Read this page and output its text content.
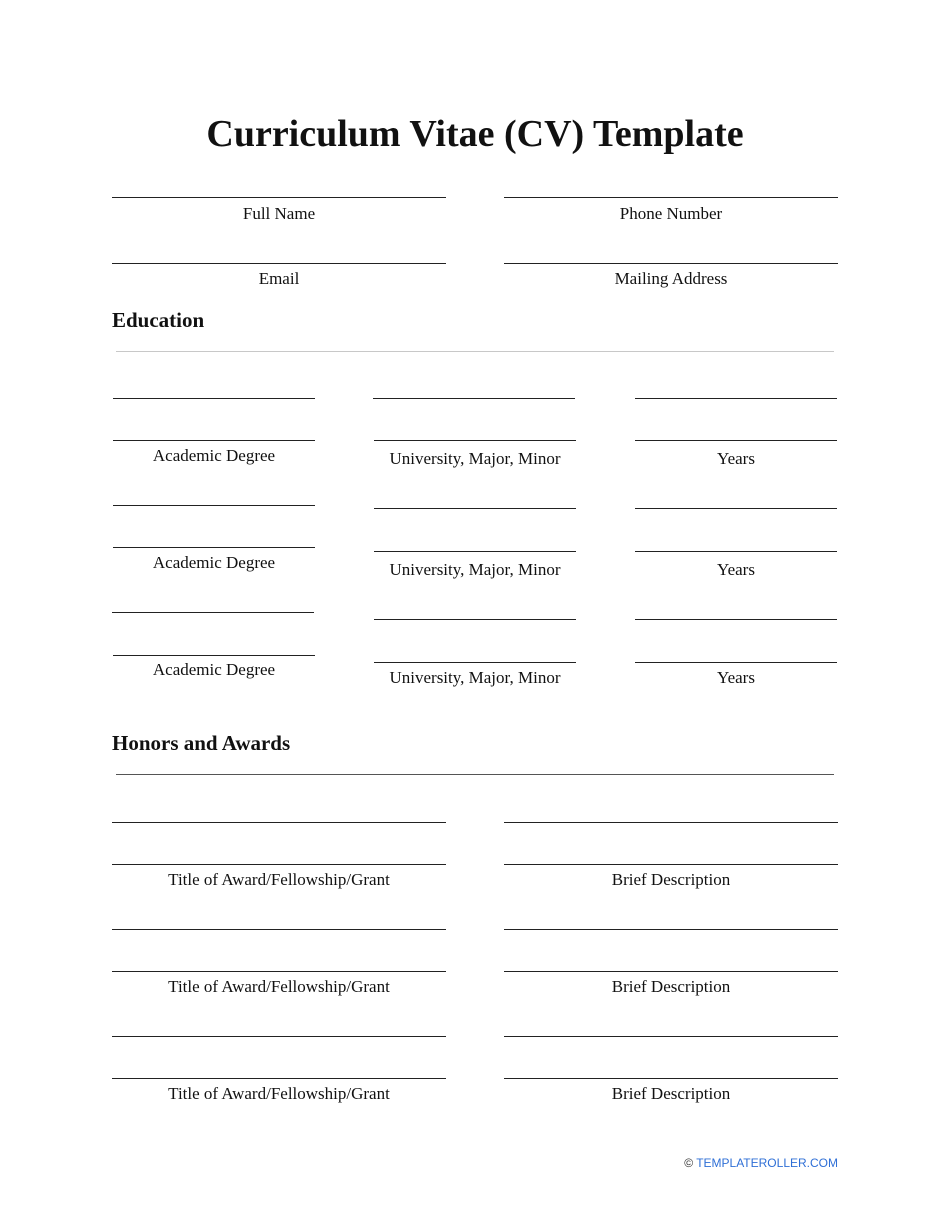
Curriculum Vitae (CV) Template
Full Name	Phone Number
Email	Mailing Address
Education
Academic Degree	University, Major, Minor	Years
Academic Degree	University, Major, Minor	Years
Academic Degree	University, Major, Minor	Years
Honors and Awards
Title of Award/Fellowship/Grant	Brief Description
Title of Award/Fellowship/Grant	Brief Description
Title of Award/Fellowship/Grant	Brief Description
© TEMPLATEROLLER.COM
